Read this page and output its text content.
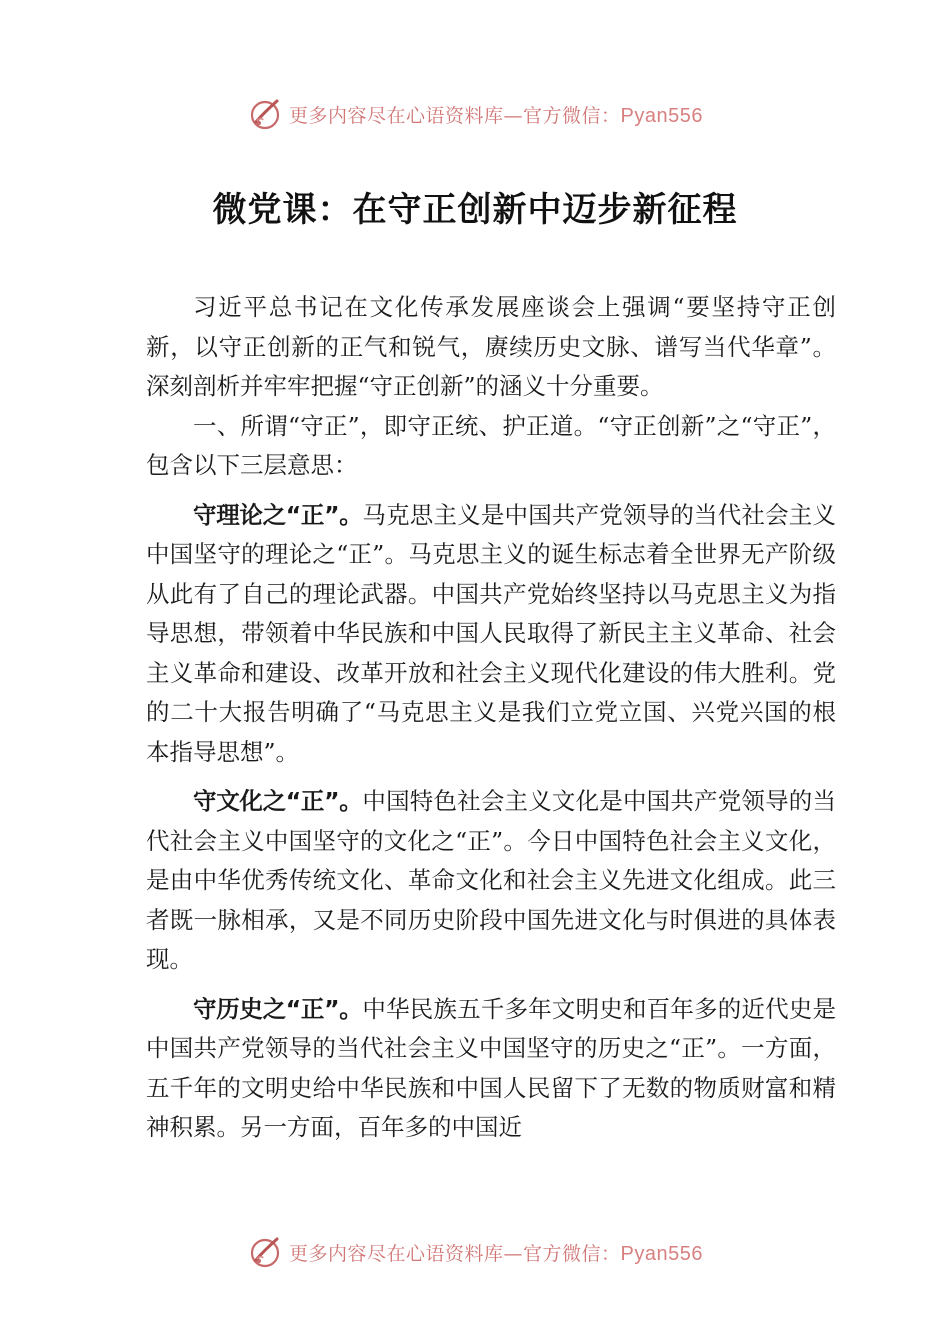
更多内容尽在心语资料库—官方微信：Pyan556
微党课：在守正创新中迈步新征程

习近平总书记在文化传承发展座谈会上强调“要坚持守正创新，以守正创新的正气和锐气，赓续历史文脉、谱写当代华章”。深刻剖析并牢牢把握“守正创新”的涵义十分重要。

一、所谓“守正”，即守正统、护正道。“守正创新”之“守正”，包含以下三层意思：

守理论之“正”。马克思主义是中国共产党领导的当代社会主义中国坚守的理论之“正”。马克思主义的诞生标志着全世界无产阶级从此有了自己的理论武器。中国共产党始终坚持以马克思主义为指导思想，带领着中华民族和中国人民取得了新民主主义革命、社会主义革命和建设、改革开放和社会主义现代化建设的伟大胜利。党的二十大报告明确了“马克思主义是我们立党立国、兴党兴国的根本指导思想”。

守文化之“正”。中国特色社会主义文化是中国共产党领导的当代社会主义中国坚守的文化之“正”。今日中国特色社会主义文化，是由中华优秀传统文化、革命文化和社会主义先进文化组成。此三者既一脉相承，又是不同历史阶段中国先进文化与时俱进的具体表现。

守历史之“正”。中华民族五千多年文明史和百年多的近代史是中国共产党领导的当代社会主义中国坚守的历史之“正”。一方面，五千年的文明史给中华民族和中国人民留下了无数的物质财富和精神积累。另一方面，百年多的中国近

更多内容尽在心语资料库—官方微信：Pyan556
